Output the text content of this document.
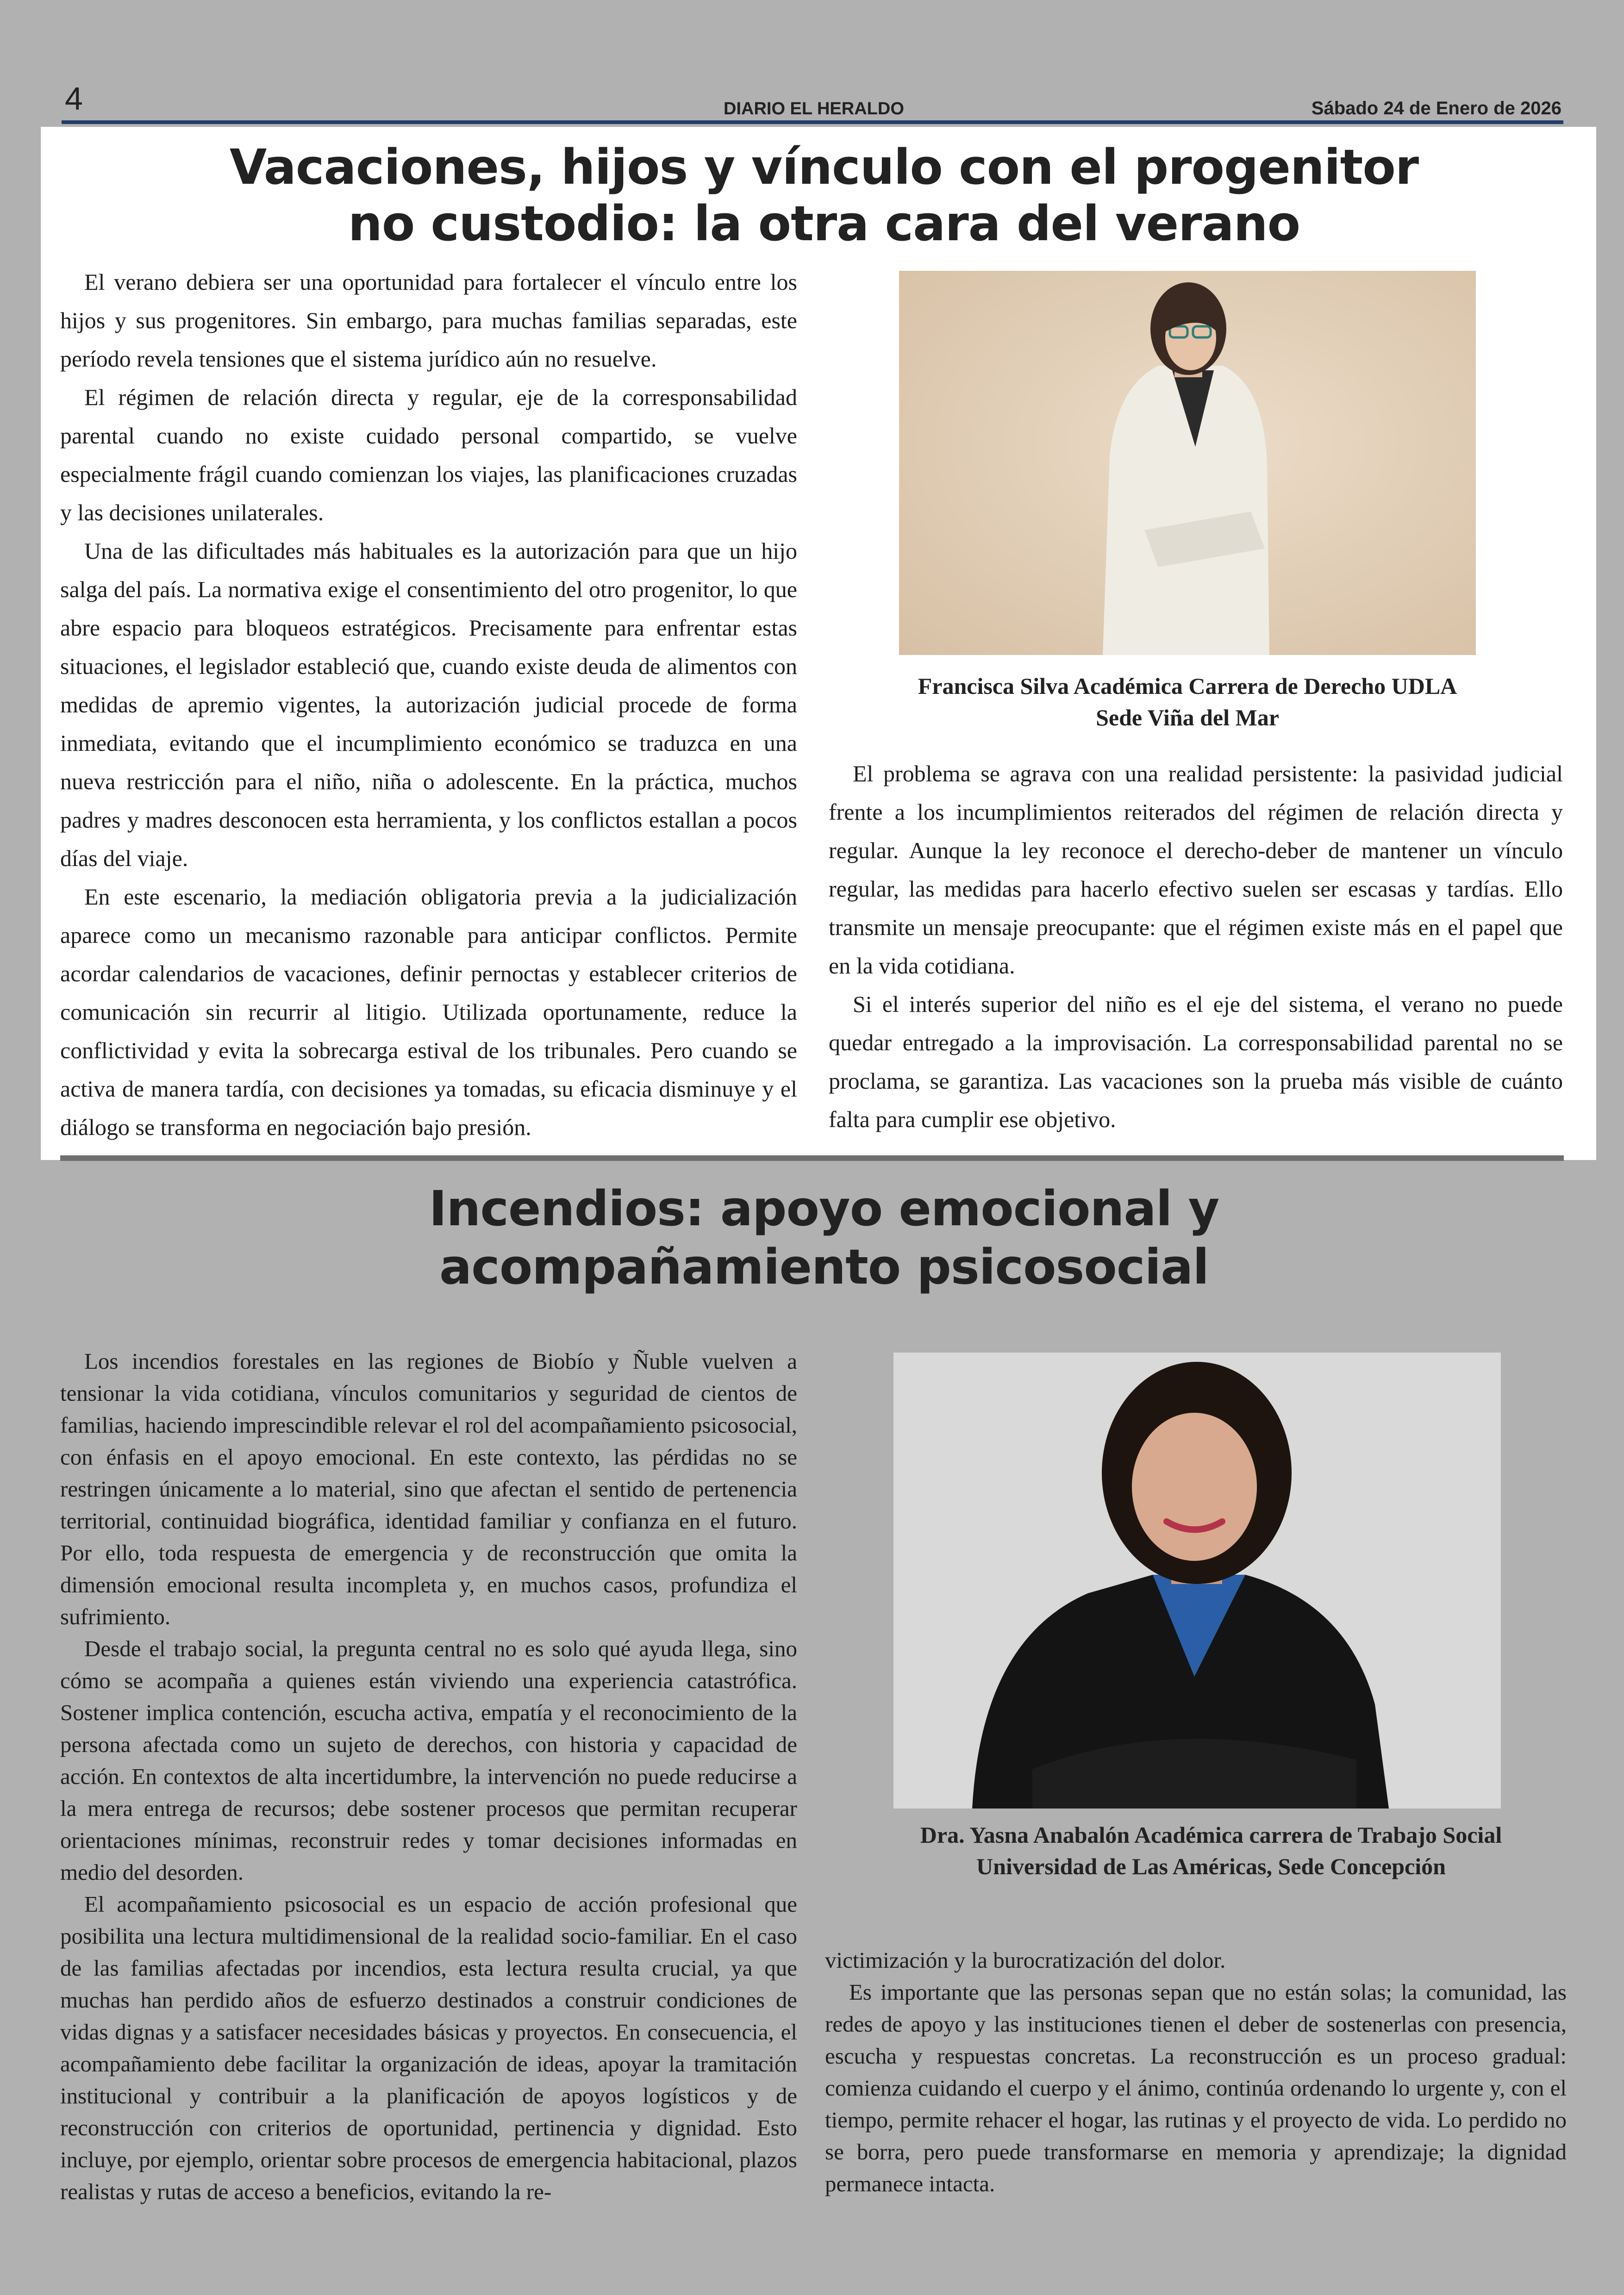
4	DIARIO EL HERALDO	Sábado 24 de Enero de 2026
Vacaciones, hijos y vínculo con el progenitor
no custodio: la otra cara del verano

El verano debiera ser una oportunidad para fortalecer el vínculo entre los hijos y sus progenitores. Sin embargo, para muchas familias separadas, este período revela tensiones que el sistema jurídico aún no resuelve.

El régimen de relación directa y regular, eje de la corresponsabilidad parental cuando no existe cuidado personal compartido, se vuelve especialmente frágil cuando comienzan los viajes, las planificaciones cruzadas y las decisiones unilaterales.

Una de las dificultades más habituales es la autorización para que un hijo salga del país. La normativa exige el consentimiento del otro progenitor, lo que abre espacio para bloqueos estratégicos. Precisamente para enfrentar estas situaciones, el legislador estableció que, cuando existe deuda de alimentos con medidas de apremio vigentes, la autorización judicial procede de forma inmediata, evitando que el incumplimiento económico se traduzca en una nueva restricción para el niño, niña o adolescente. En la práctica, muchos padres y madres desconocen esta herramienta, y los conflictos estallan a pocos días del viaje.

En este escenario, la mediación obligatoria previa a la judicialización aparece como un mecanismo razonable para anticipar conflictos. Permite acordar calendarios de vacaciones, definir pernoctas y establecer criterios de comunicación sin recurrir al litigio. Utilizada oportunamente, reduce la conflictividad y evita la sobrecarga estival de los tribunales. Pero cuando se activa de manera tardía, con decisiones ya tomadas, su eficacia disminuye y el diálogo se transforma en negociación bajo presión.

Francisca Silva Académica Carrera de Derecho UDLA
Sede Viña del Mar

El problema se agrava con una realidad persistente: la pasividad judicial frente a los incumplimientos reiterados del régimen de relación directa y regular. Aunque la ley reconoce el derecho-deber de mantener un vínculo regular, las medidas para hacerlo efectivo suelen ser escasas y tardías. Ello transmite un mensaje preocupante: que el régimen existe más en el papel que en la vida cotidiana.

Si el interés superior del niño es el eje del sistema, el verano no puede quedar entregado a la improvisación. La corresponsabilidad parental no se proclama, se garantiza. Las vacaciones son la prueba más visible de cuánto falta para cumplir ese objetivo.

Incendios: apoyo emocional y
acompañamiento psicosocial

Los incendios forestales en las regiones de Biobío y Ñuble vuelven a tensionar la vida cotidiana, vínculos comunitarios y seguridad de cientos de familias, haciendo imprescindible relevar el rol del acompañamiento psicosocial, con énfasis en el apoyo emocional. En este contexto, las pérdidas no se restringen únicamente a lo material, sino que afectan el sentido de pertenencia territorial, continuidad biográfica, identidad familiar y confianza en el futuro. Por ello, toda respuesta de emergencia y de reconstrucción que omita la dimensión emocional resulta incompleta y, en muchos casos, profundiza el sufrimiento.

Desde el trabajo social, la pregunta central no es solo qué ayuda llega, sino cómo se acompaña a quienes están viviendo una experiencia catastrófica. Sostener implica contención, escucha activa, empatía y el reconocimiento de la persona afectada como un sujeto de derechos, con historia y capacidad de acción. En contextos de alta incertidumbre, la intervención no puede reducirse a la mera entrega de recursos; debe sostener procesos que permitan recuperar orientaciones mínimas, reconstruir redes y tomar decisiones informadas en medio del desorden.

El acompañamiento psicosocial es un espacio de acción profesional que posibilita una lectura multidimensional de la realidad socio-familiar. En el caso de las familias afectadas por incendios, esta lectura resulta crucial, ya que muchas han perdido años de esfuerzo destinados a construir condiciones de vidas dignas y a satisfacer necesidades básicas y proyectos. En consecuencia, el acompañamiento debe facilitar la organización de ideas, apoyar la tramitación institucional y contribuir a la planificación de apoyos logísticos y de reconstrucción con criterios de oportunidad, pertinencia y dignidad. Esto incluye, por ejemplo, orientar sobre procesos de emergencia habitacional, plazos realistas y rutas de acceso a beneficios, evitando la re-

Dra. Yasna Anabalón Académica carrera de Trabajo Social
Universidad de Las Américas, Sede Concepción

victimización y la burocratización del dolor.

Es importante que las personas sepan que no están solas; la comunidad, las redes de apoyo y las instituciones tienen el deber de sostenerlas con presencia, escucha y respuestas concretas. La reconstrucción es un proceso gradual: comienza cuidando el cuerpo y el ánimo, continúa ordenando lo urgente y, con el tiempo, permite rehacer el hogar, las rutinas y el proyecto de vida. Lo perdido no se borra, pero puede transformarse en memoria y aprendizaje; la dignidad permanece intacta.
